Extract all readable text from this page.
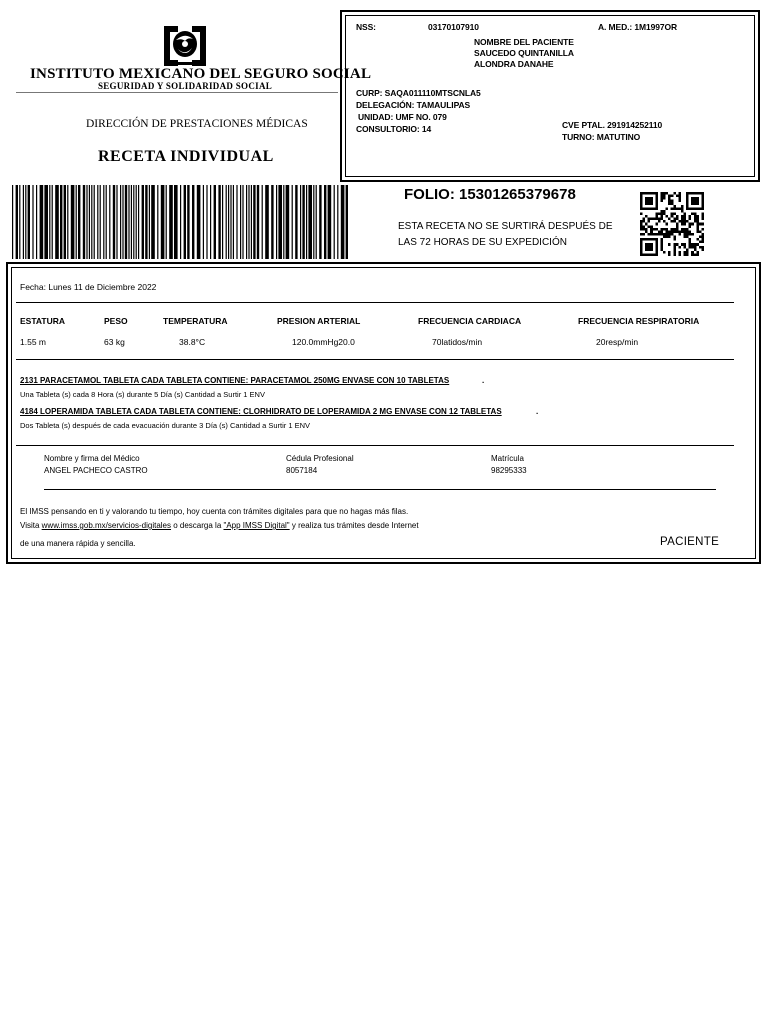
INSTITUTO MEXICANO DEL SEGURO SOCIAL
SEGURIDAD Y SOLIDARIDAD SOCIAL
DIRECCIÓN DE PRESTACIONES MÉDICAS
RECETA INDIVIDUAL
NSS:	03170107910	A. MED.: 1M1997OR
NOMBRE DEL PACIENTE
SAUCEDO QUINTANILLA
ALONDRA DANAHE
CURP: SAQA011110MTSCNLA5
DELEGACIÓN: TAMAULIPAS
UNIDAD: UMF NO. 079
CONSULTORIO: 14	CVE PTAL. 291914252110
TURNO: MATUTINO
FOLIO: 15301265379678
ESTA RECETA NO SE SURTIRÁ DESPUÉS DE
LAS 72 HORAS DE SU EXPEDICIÓN
Fecha: Lunes 11 de Diciembre 2022
ESTATURA	PESO	TEMPERATURA	PRESION ARTERIAL	FRECUENCIA CARDIACA	FRECUENCIA RESPIRATORIA
1.55 m	63 kg	38.8°C	120.0mmHg20.0	70latidos/min	20resp/min
2131 PARACETAMOL TABLETA CADA TABLETA CONTIENE: PARACETAMOL 250MG ENVASE CON 10 TABLETAS	.
Una Tableta (s) cada 8 Hora (s) durante 5 Día (s) Cantidad a Surtir 1 ENV
4184 LOPERAMIDA TABLETA CADA TABLETA CONTIENE: CLORHIDRATO DE LOPERAMIDA 2 MG ENVASE CON 12 TABLETAS	.
Dos Tableta (s) después de cada evacuación durante 3 Día (s) Cantidad a Surtir 1 ENV
Nombre y firma del Médico
ANGEL PACHECO CASTRO
Cédula Profesional
8057184
Matrícula
98295333
El IMSS pensando en ti y valorando tu tiempo, hoy cuenta con trámites digitales para que no hagas más filas.
Visita www.imss.gob.mx/servicios-digitales o descarga la "App IMSS Digital" y realiza tus trámites desde Internet
de una manera rápida y sencilla.	PACIENTE
